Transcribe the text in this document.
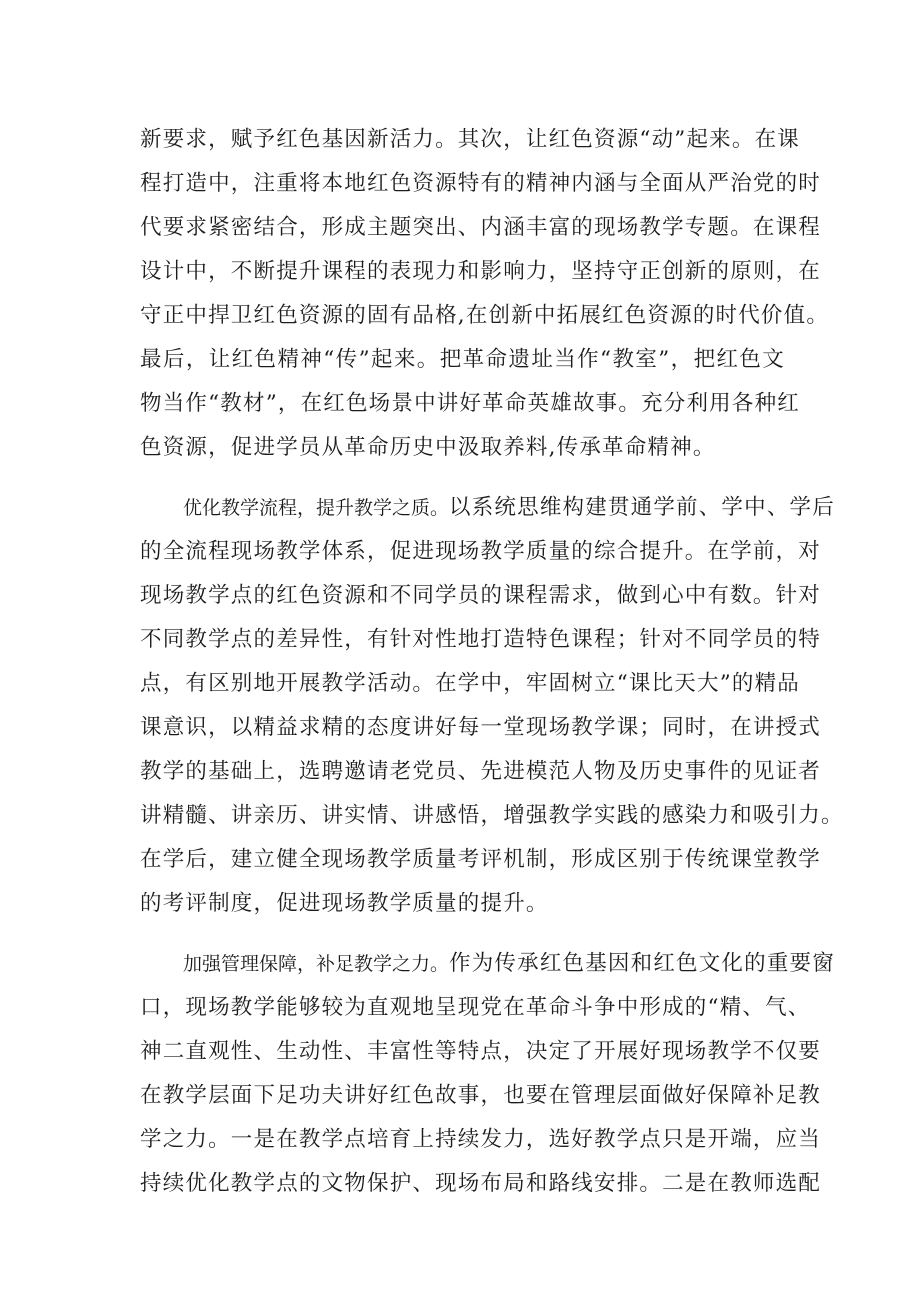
新要求，赋予红色基因新活力。其次，让红色资源“动”起来。在课
程打造中，注重将本地红色资源特有的精神内涵与全面从严治党的时
代要求紧密结合，形成主题突出、内涵丰富的现场教学专题。在课程
设计中，不断提升课程的表现力和影响力，坚持守正创新的原则，在
守正中捍卫红色资源的固有品格,在创新中拓展红色资源的时代价值。
最后，让红色精神“传”起来。把革命遗址当作“教室”，把红色文
物当作“教材”，在红色场景中讲好革命英雄故事。充分利用各种红
色资源，促进学员从革命历史中汲取养料,传承革命精神。
优化教学流程，提升教学之质。以系统思维构建贯通学前、学中、学后
的全流程现场教学体系，促进现场教学质量的综合提升。在学前，对
现场教学点的红色资源和不同学员的课程需求，做到心中有数。针对
不同教学点的差异性，有针对性地打造特色课程；针对不同学员的特
点，有区别地开展教学活动。在学中，牢固树立“课比天大”的精品
课意识，以精益求精的态度讲好每一堂现场教学课；同时，在讲授式
教学的基础上，选聘邀请老党员、先进模范人物及历史事件的见证者
讲精髓、讲亲历、讲实情、讲感悟，增强教学实践的感染力和吸引力。
在学后，建立健全现场教学质量考评机制，形成区别于传统课堂教学
的考评制度，促进现场教学质量的提升。
加强管理保障，补足教学之力。作为传承红色基因和红色文化的重要窗
口，现场教学能够较为直观地呈现党在革命斗争中形成的“精、气、
神二直观性、生动性、丰富性等特点，决定了开展好现场教学不仅要
在教学层面下足功夫讲好红色故事，也要在管理层面做好保障补足教
学之力。一是在教学点培育上持续发力，选好教学点只是开端，应当
持续优化教学点的文物保护、现场布局和路线安排。二是在教师选配
